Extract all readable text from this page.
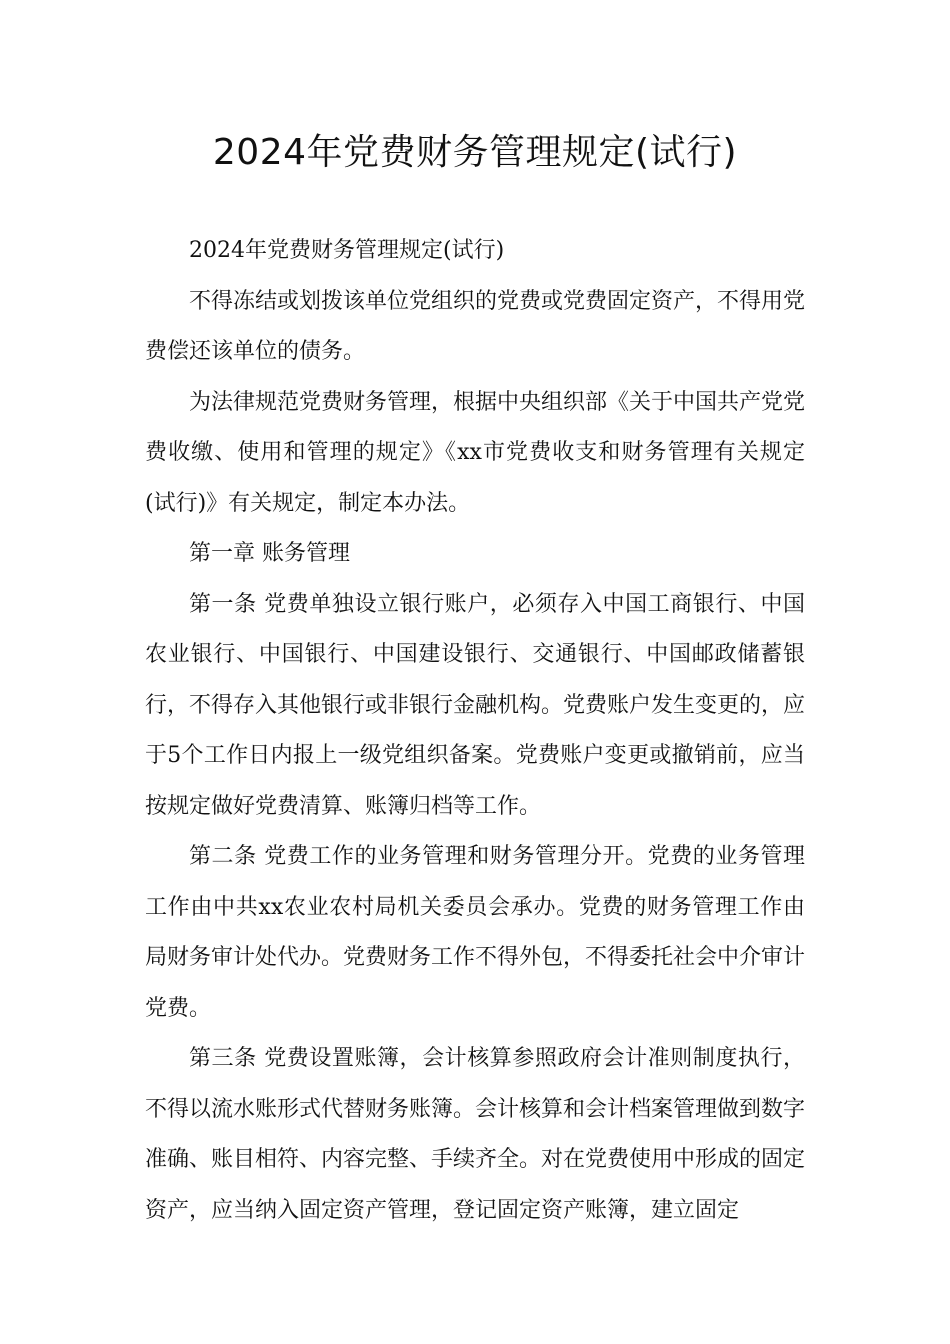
2024年党费财务管理规定(试行)

2024年党费财务管理规定(试行)

不得冻结或划拨该单位党组织的党费或党费固定资产，不得用党费偿还该单位的债务。

为法律规范党费财务管理，根据中央组织部《关于中国共产党党费收缴、使用和管理的规定》《xx市党费收支和财务管理有关规定(试行)》有关规定，制定本办法。

第一章 账务管理

第一条 党费单独设立银行账户，必须存入中国工商银行、中国农业银行、中国银行、中国建设银行、交通银行、中国邮政储蓄银行，不得存入其他银行或非银行金融机构。党费账户发生变更的，应于5个工作日内报上一级党组织备案。党费账户变更或撤销前，应当按规定做好党费清算、账簿归档等工作。

第二条 党费工作的业务管理和财务管理分开。党费的业务管理工作由中共xx农业农村局机关委员会承办。党费的财务管理工作由局财务审计处代办。党费财务工作不得外包，不得委托社会中介审计党费。

第三条 党费设置账簿，会计核算参照政府会计准则制度执行，不得以流水账形式代替财务账簿。会计核算和会计档案管理做到数字准确、账目相符、内容完整、手续齐全。对在党费使用中形成的固定资产，应当纳入固定资产管理，登记固定资产账簿，建立固定
